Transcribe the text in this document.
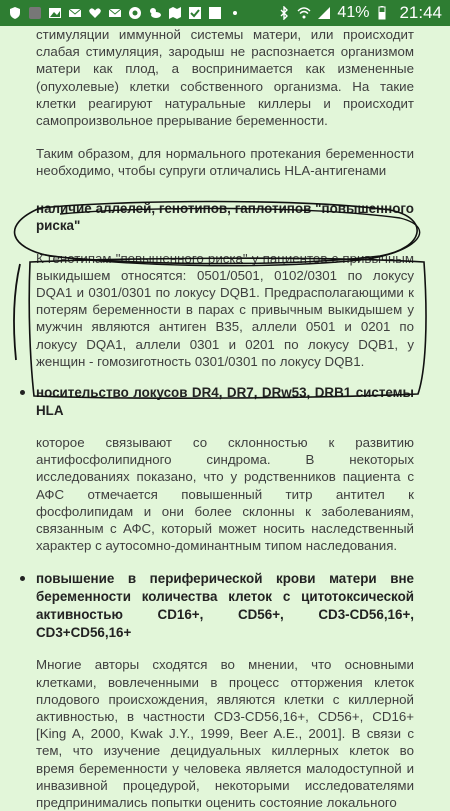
41% 21:44

стимуляции иммунной системы матери, или происходит слабая стимуляция, зародыш не распознается организмом матери как плод, а воспринимается как измененные (опухолевые) клетки собственного организма. На такие клетки реагируют натуральные киллеры и происходит самопроизвольное прерывание беременности.

Таким образом, для нормального протекания беременности необходимо, чтобы супруги отличались HLA-антигенами

наличие аллелей, генотипов, гаплотипов "повышенного риска"

К генотипам "повышенного риска" у пациентов с привычным выкидышем относятся: 0501/0501, 0102/0301 по локусу DQA1 и 0301/0301 по локусу DQB1. Предрасполагающими к потерям беременности в парах с привычным выкидышем у мужчин являются антиген B35, аллели 0501 и 0201 по локусу DQA1, аллели 0301 и 0201 по локусу DQB1, у женщин - гомозиготность 0301/0301 по локусу DQB1.

носительство локусов DR4, DR7, DRw53, DRB1 системы HLA

которое связывают со склонностью к развитию антифосфолипидного синдрома. В некоторых исследованиях показано, что у родственников пациента с АФС отмечается повышенный титр антител к фосфолипидам и они более склонны к заболеваниям, связанным с АФС, который может носить наследственный характер с аутосомно-доминантным типом наследования.

повышение в периферической крови матери вне беременности количества клеток с цитотоксической активностью CD16+, CD56+, CD3-CD56,16+, CD3+CD56,16+

Многие авторы сходятся во мнении, что основными клетками, вовлеченными в процесс отторжения клеток плодового происхождения, являются клетки с киллерной активностью, в частности CD3-CD56,16+, CD56+, CD16+ [King A, 2000, Kwak J.Y., 1999, Beer A.E., 2001]. В связи с тем, что изучение децидуальных киллерных клеток во время беременности у человека является малодоступной и инвазивной процедурой, некоторыми исследователями предпринимались попытки оценить состояние локального
